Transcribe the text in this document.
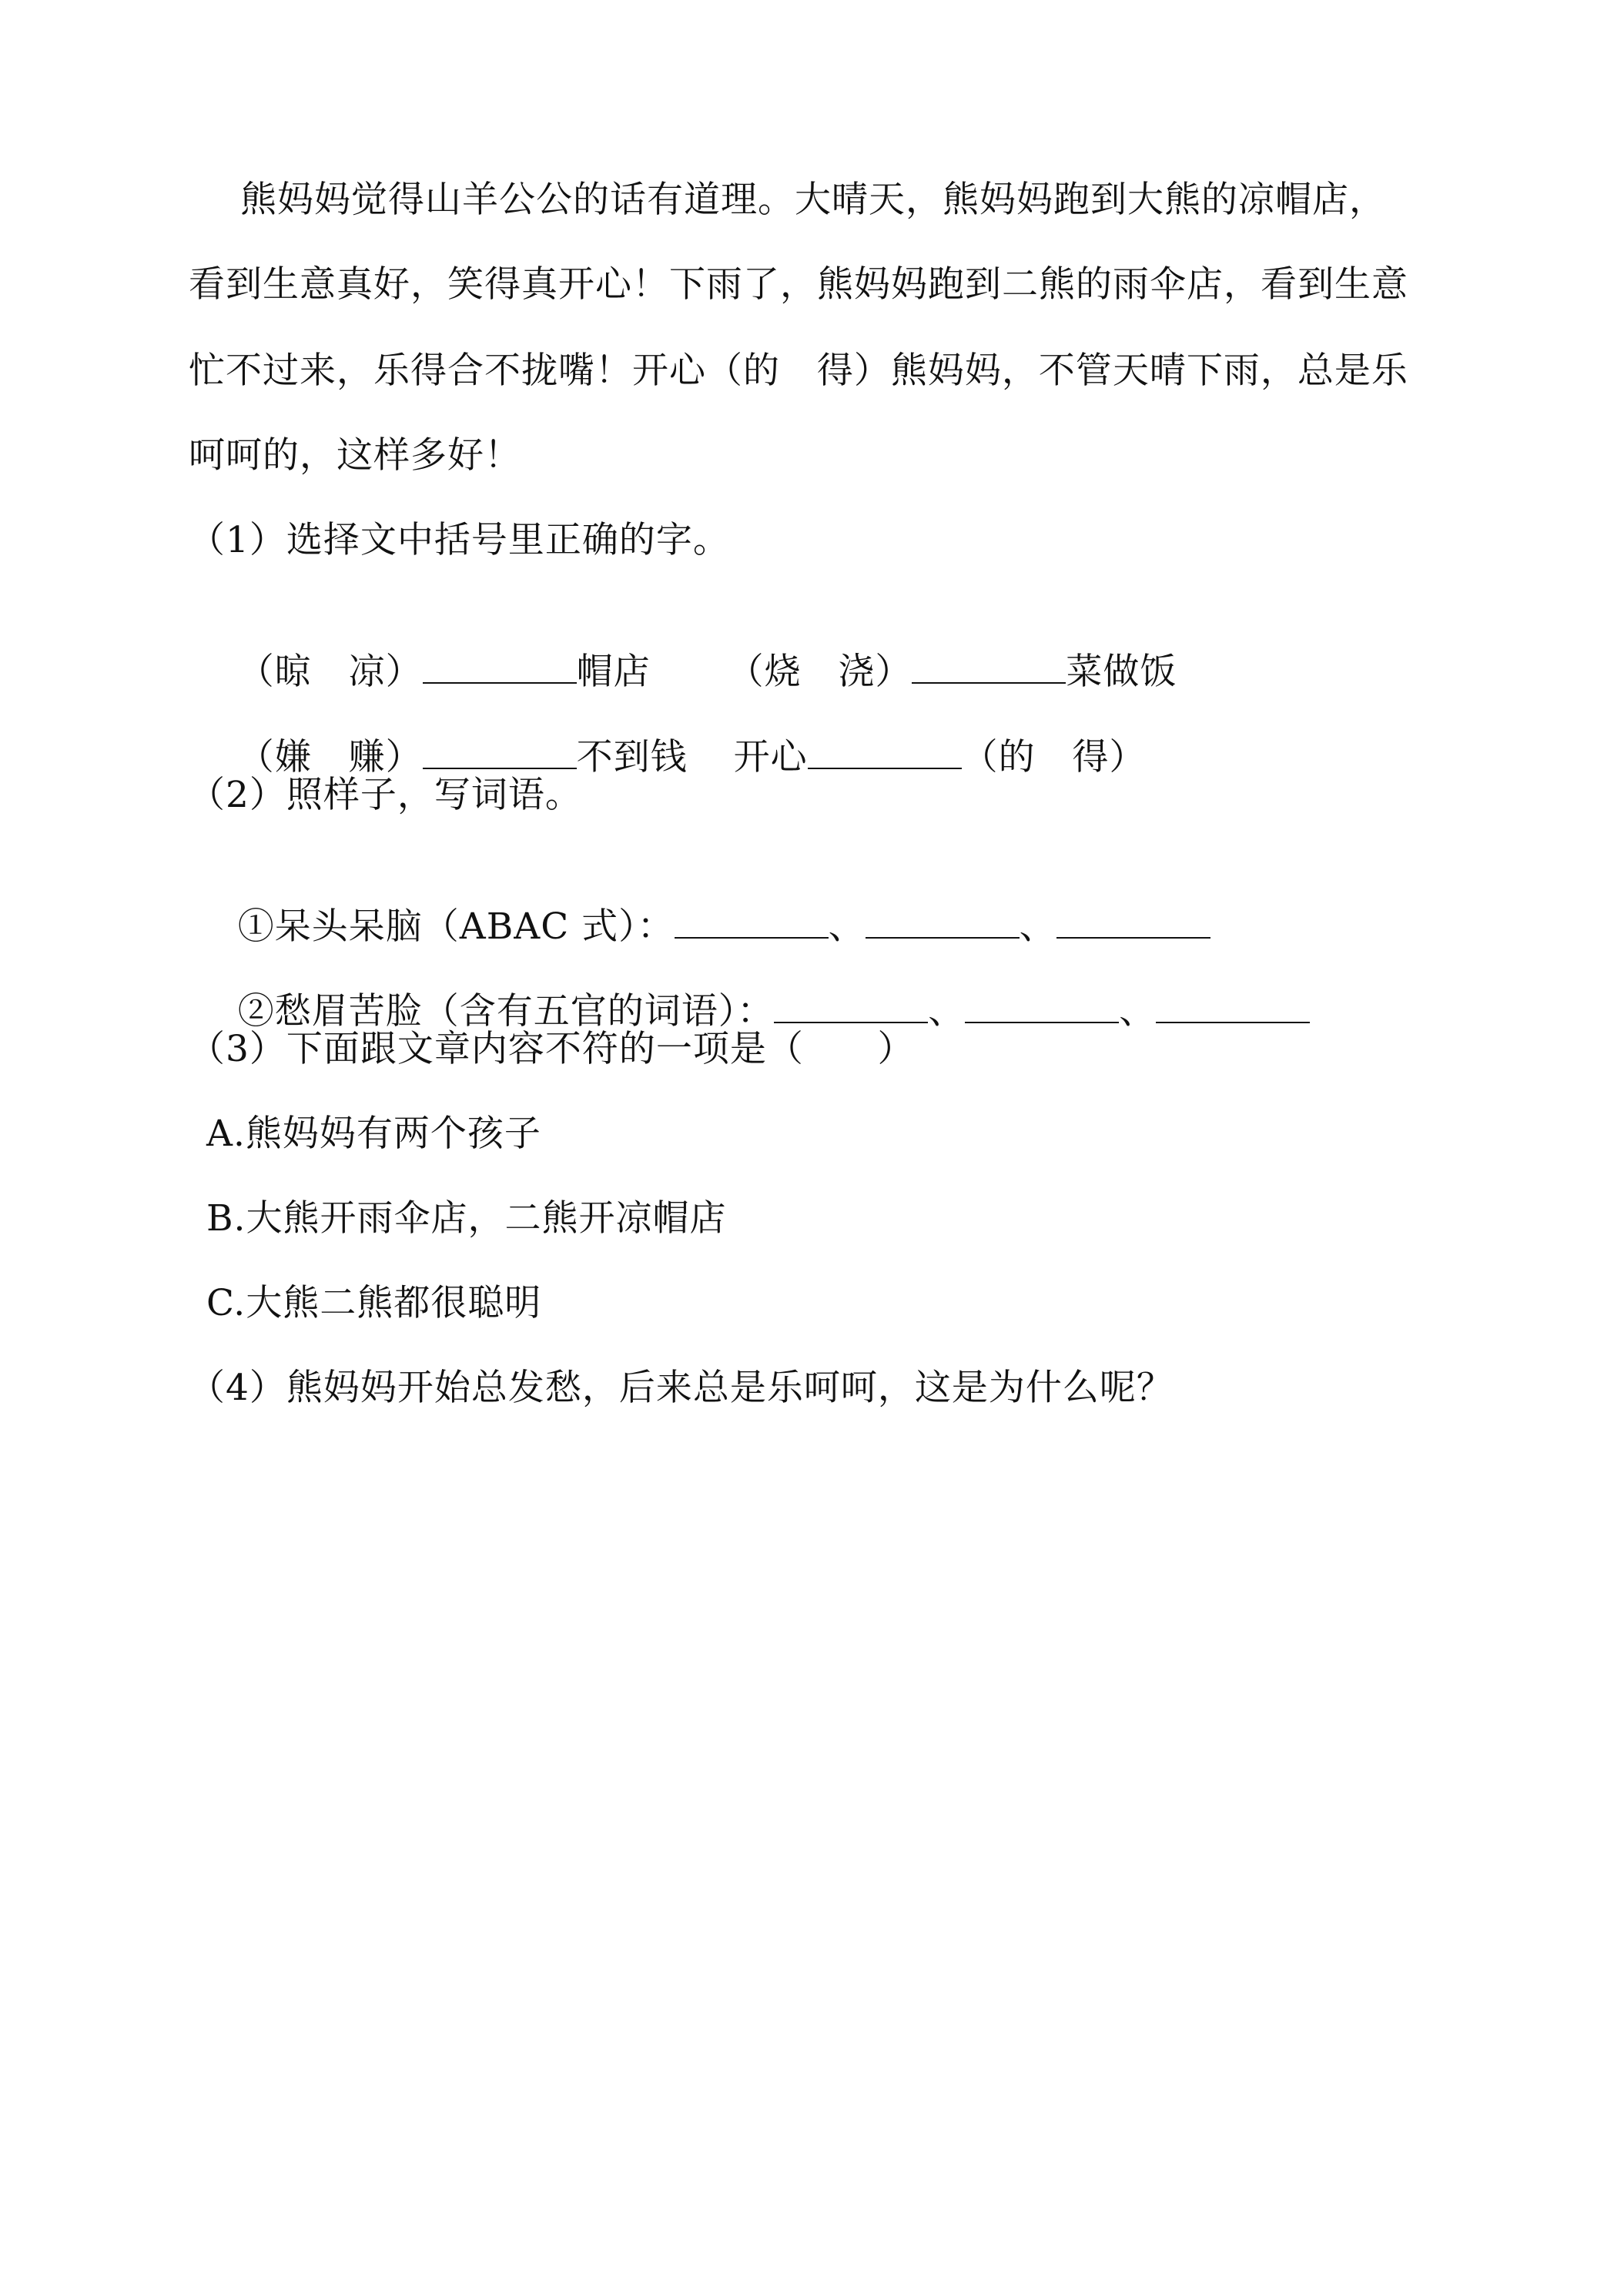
熊妈妈觉得山羊公公的话有道理。大晴天，熊妈妈跑到大熊的凉帽店，
看到生意真好，笑得真开心！下雨了，熊妈妈跑到二熊的雨伞店，看到生意
忙不过来，乐得合不拢嘴！开心（的   得）熊妈妈，不管天晴下雨，总是乐
呵呵的，这样多好！
（1）选择文中括号里正确的字。

（晾   凉）	帽店 （烧   浇）	菜做饭

（嫌   赚）	不到钱 开心	（的   得）

（2）照样子，写词语。

①呆头呆脑（ABAC 式）：	、	、

②愁眉苦脸（含有五官的词语）：	、	、

（3）下面跟文章内容不符的一项是（      ）
A.熊妈妈有两个孩子
B.大熊开雨伞店，二熊开凉帽店
C.大熊二熊都很聪明
（4）熊妈妈开始总发愁，后来总是乐呵呵，这是为什么呢？
